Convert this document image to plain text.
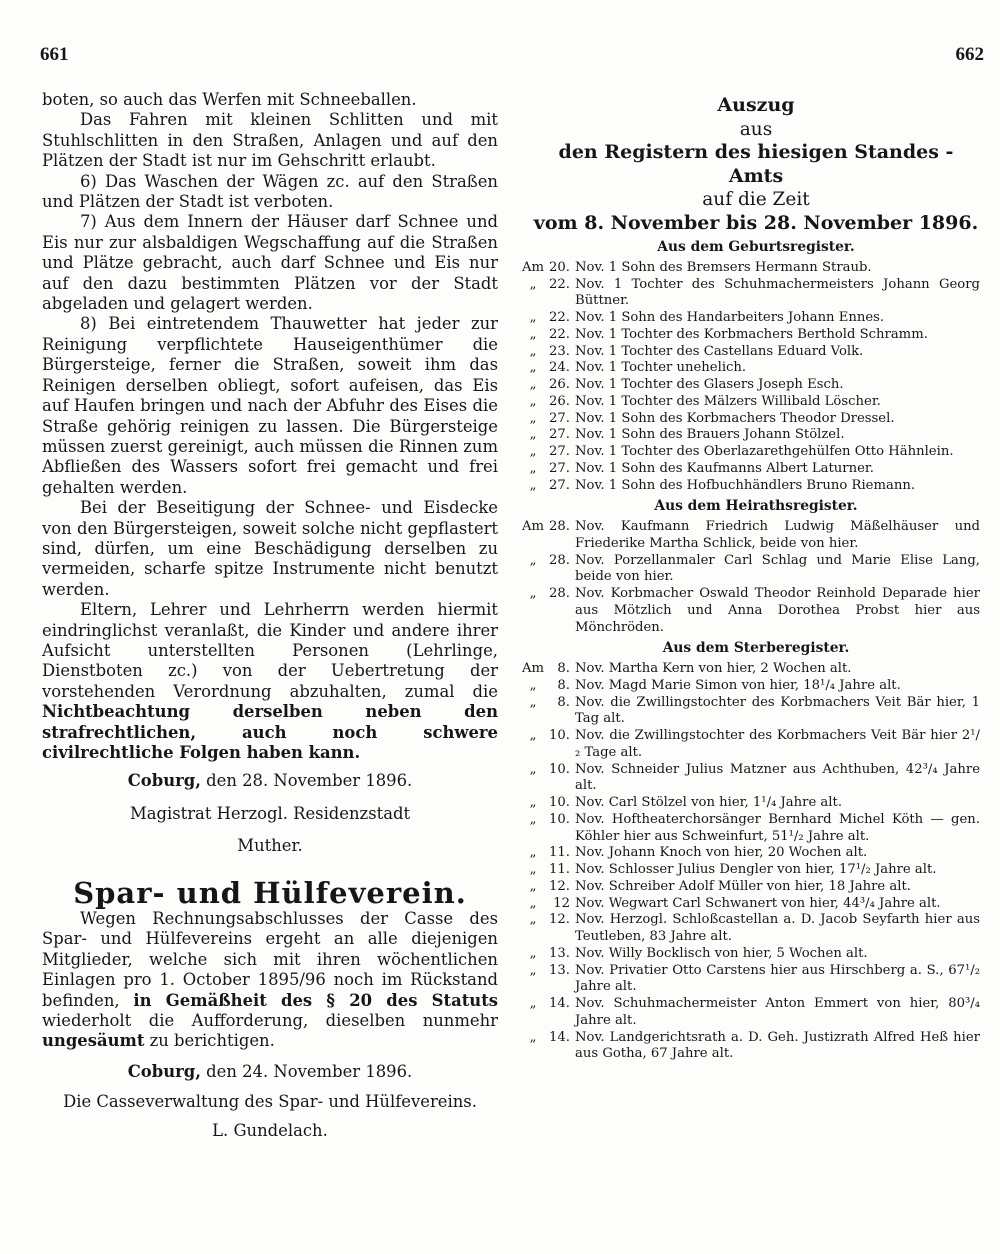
661	662

boten, so auch das Werfen mit Schneeballen.

Das Fahren mit kleinen Schlitten und mit Stuhlschlitten in den Straßen, Anlagen und auf den Plätzen der Stadt ist nur im Gehschritt erlaubt.

6) Das Waschen der Wägen zc. auf den Straßen und Plätzen der Stadt ist verboten.

7) Aus dem Innern der Häuser darf Schnee und Eis nur zur alsbaldigen Wegschaffung auf die Straßen und Plätze gebracht, auch darf Schnee und Eis nur auf den dazu bestimmten Plätzen vor der Stadt abgeladen und gelagert werden.

8) Bei eintretendem Thauwetter hat jeder zur Reinigung verpflichtete Hauseigenthümer die Bürgersteige, ferner die Straßen, soweit ihm das Reinigen derselben obliegt, sofort aufeisen, das Eis auf Haufen bringen und nach der Abfuhr des Eises die Straße gehörig reinigen zu lassen. Die Bürgersteige müssen zuerst gereinigt, auch müssen die Rinnen zum Abfließen des Wassers sofort frei gemacht und frei gehalten werden.

Bei der Beseitigung der Schnee- und Eisdecke von den Bürgersteigen, soweit solche nicht gepflastert sind, dürfen, um eine Beschädigung derselben zu vermeiden, scharfe spitze Instrumente nicht benutzt werden.

Eltern, Lehrer und Lehrherrn werden hiermit eindringlichst veranlaßt, die Kinder und andere ihrer Aufsicht unterstellten Personen (Lehrlinge, Dienstboten zc.) von der Uebertretung der vorstehenden Verordnung abzuhalten, zumal die Nichtbeachtung derselben neben den strafrechtlichen, auch noch schwere civilrechtliche Folgen haben kann.

Coburg, den 28. November 1896.
Magistrat Herzogl. Residenzstadt
Muther.
Spar- und Hülfeverein.

Wegen Rechnungsabschlusses der Casse des Spar- und Hülfevereins ergeht an alle diejenigen Mitglieder, welche sich mit ihren wöchentlichen Einlagen pro 1. October 1895/96 noch im Rückstand befinden, in Gemäßheit des § 20 des Statuts wiederholt die Aufforderung, dieselben nunmehr ungesäumt zu berichtigen.

Coburg, den 24. November 1896.
Die Casseverwaltung des Spar- und Hülfevereins.
L. Gundelach.
Auszug
aus
den Registern des hiesigen Standes - Amts
auf die Zeit
vom 8. November bis 28. November 1896.
Aus dem Geburtsregister.
Am 20. Nov. 1 Sohn des Bremsers Hermann Straub.
„ 22. Nov. 1 Tochter des Schuhmachermeisters Johann Georg Büttner.
„ 22. Nov. 1 Sohn des Handarbeiters Johann Ennes.
„ 22. Nov. 1 Tochter des Korbmachers Berthold Schramm.
„ 23. Nov. 1 Tochter des Castellans Eduard Volk.
„ 24. Nov. 1 Tochter unehelich.
„ 26. Nov. 1 Tochter des Glasers Joseph Esch.
„ 26. Nov. 1 Tochter des Mälzers Willibald Löscher.
„ 27. Nov. 1 Sohn des Korbmachers Theodor Dressel.
„ 27. Nov. 1 Sohn des Brauers Johann Stölzel.
„ 27. Nov. 1 Tochter des Oberlazarethgehülfen Otto Hähnlein.
„ 27. Nov. 1 Sohn des Kaufmanns Albert Laturner.
„ 27. Nov. 1 Sohn des Hofbuchhändlers Bruno Riemann.
Aus dem Heirathsregister.
Am 28. Nov. Kaufmann Friedrich Ludwig Mäßelhäuser und Friederike Martha Schlick, beide von hier.
„ 28. Nov. Porzellanmaler Carl Schlag und Marie Elise Lang, beide von hier.
„ 28. Nov. Korbmacher Oswald Theodor Reinhold Deparade hier aus Mötzlich und Anna Dorothea Probst hier aus Mönchröden.
Aus dem Sterberegister.
Am	8. Nov. Martha Kern von hier, 2 Wochen alt.
„	8. Nov. Magd Marie Simon von hier, 18¹/₄ Jahre alt.
„	8. Nov. die Zwillingstochter des Korbmachers Veit Bär hier, 1 Tag alt.
„ 10. Nov. die Zwillingstochter des Korbmachers Veit Bär hier 2¹/₂ Tage alt.
„ 10. Nov. Schneider Julius Matzner aus Achthuben, 42³/₄ Jahre alt.
„ 10. Nov. Carl Stölzel von hier, 1¹/₄ Jahre alt.
„ 10. Nov. Hoftheaterchorsänger Bernhard Michel Köth — gen. Köhler hier aus Schweinfurt, 51¹/₂ Jahre alt.
„ 11. Nov. Johann Knoch von hier, 20 Wochen alt.
„ 11. Nov. Schlosser Julius Dengler von hier, 17¹/₂ Jahre alt.
„ 12. Nov. Schreiber Adolf Müller von hier, 18 Jahre alt.
„	12 Nov. Wegwart Carl Schwanert von hier, 44³/₄ Jahre alt.
„ 12. Nov. Herzogl. Schloßcastellan a. D. Jacob Seyfarth hier aus Teutleben, 83 Jahre alt.
„ 13. Nov. Willy Bocklisch von hier, 5 Wochen alt.
„ 13. Nov. Privatier Otto Carstens hier aus Hirschberg a. S., 67¹/₂ Jahre alt.
„ 14. Nov. Schuhmachermeister Anton Emmert von hier, 80³/₄ Jahre alt.
„ 14. Nov. Landgerichtsrath a. D. Geh. Justizrath Alfred Heß hier aus Gotha, 67 Jahre alt.
